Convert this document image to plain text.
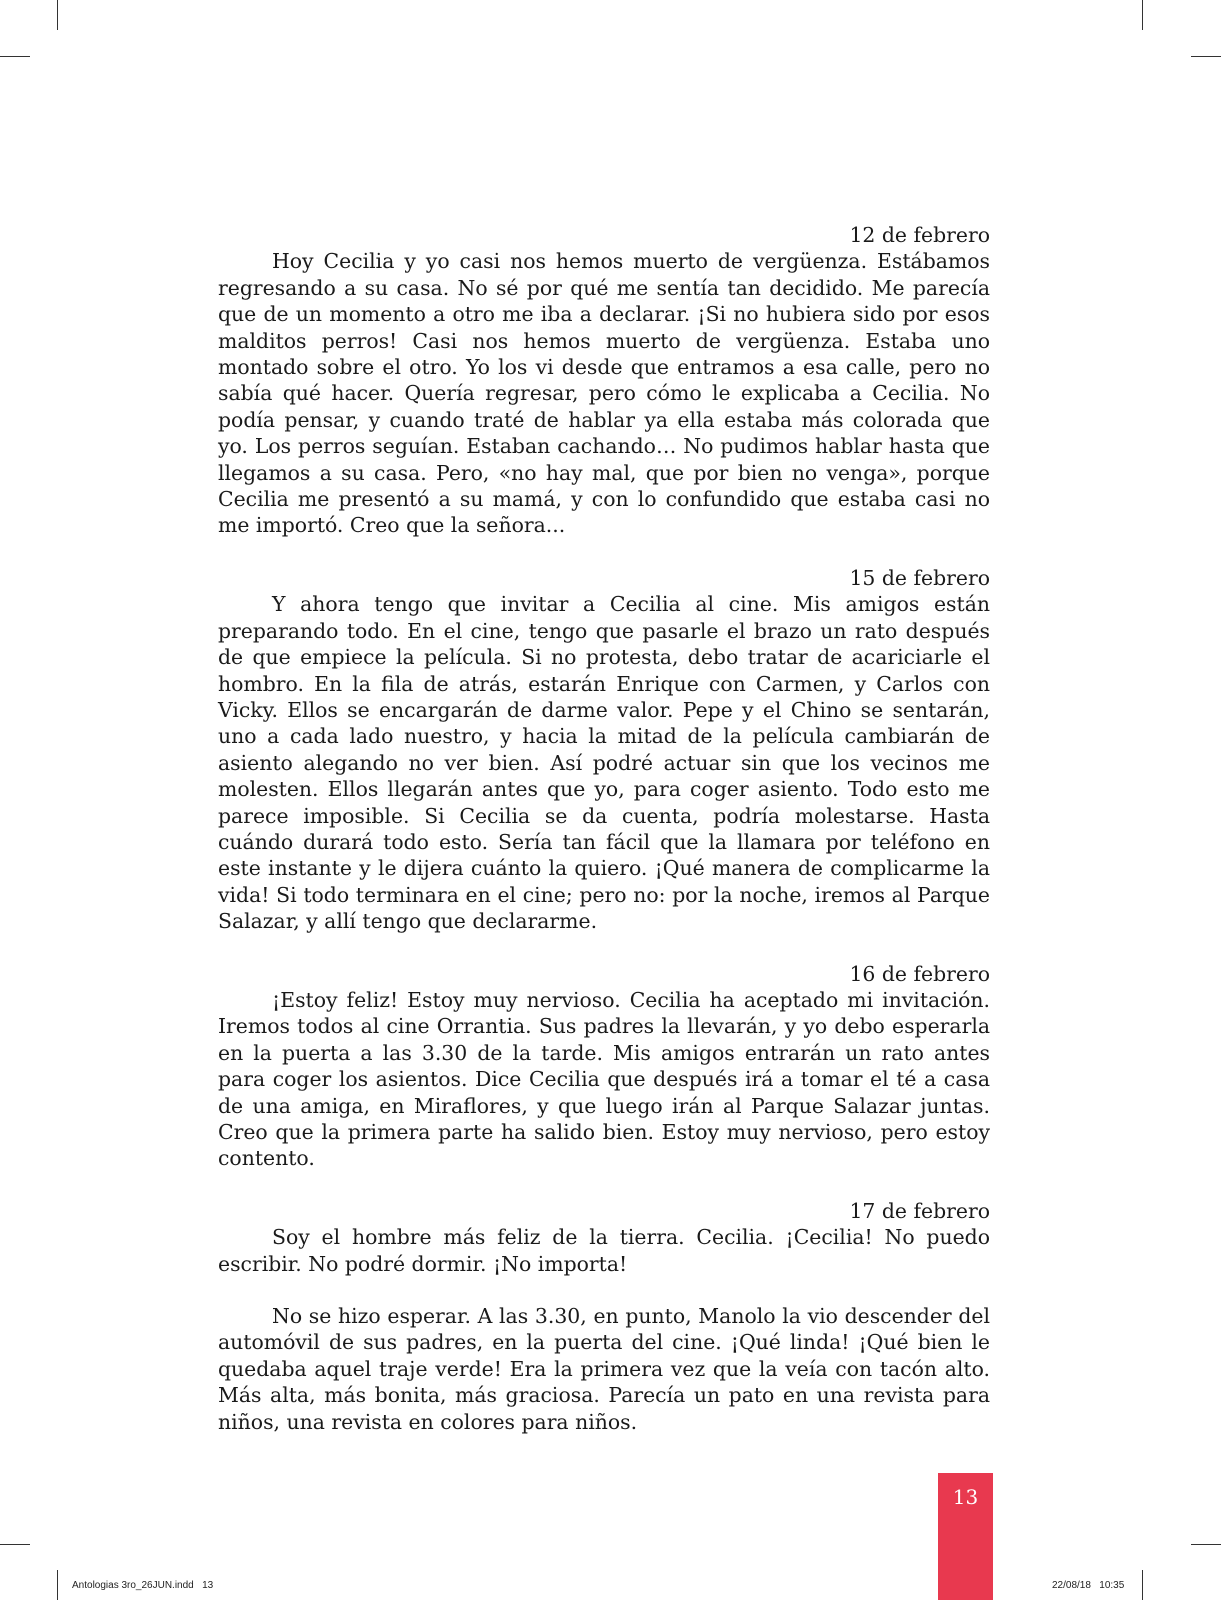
12 de febrero

Hoy Cecilia y yo casi nos hemos muerto de vergüenza. Estábamos regresando a su casa. No sé por qué me sentía tan decidido. Me parecía que de un momento a otro me iba a declarar. ¡Si no hubiera sido por esos malditos perros! Casi nos hemos muerto de vergüenza. Estaba uno montado sobre el otro. Yo los vi desde que entramos a esa calle, pero no sabía qué hacer. Quería regresar, pero cómo le explicaba a Cecilia. No podía pensar, y cuando traté de hablar ya ella estaba más colorada que yo. Los perros seguían. Estaban cachando… No pudimos hablar hasta que llegamos a su casa. Pero, «no hay mal, que por bien no venga», porque Cecilia me presentó a su mamá, y con lo confundido que estaba casi no me importó. Creo que la señora...

15 de febrero

Y ahora tengo que invitar a Cecilia al cine. Mis amigos están preparando todo. En el cine, tengo que pasarle el brazo un rato después de que empiece la película. Si no protesta, debo tratar de acariciarle el hombro. En la fila de atrás, estarán Enrique con Carmen, y Carlos con Vicky. Ellos se encargarán de darme valor. Pepe y el Chino se sentarán, uno a cada lado nuestro, y hacia la mitad de la película cambiarán de asiento alegando no ver bien. Así podré actuar sin que los vecinos me molesten. Ellos llegarán antes que yo, para coger asiento. Todo esto me parece imposible. Si Cecilia se da cuenta, podría molestarse. Hasta cuándo durará todo esto. Sería tan fácil que la llamara por teléfono en este instante y le dijera cuánto la quiero. ¡Qué manera de complicarme la vida! Si todo terminara en el cine; pero no: por la noche, iremos al Parque Salazar, y allí tengo que declararme.

16 de febrero

¡Estoy feliz! Estoy muy nervioso. Cecilia ha aceptado mi invitación. Iremos todos al cine Orrantia. Sus padres la llevarán, y yo debo esperarla en la puerta a las 3.30 de la tarde. Mis amigos entrarán un rato antes para coger los asientos. Dice Cecilia que después irá a tomar el té a casa de una amiga, en Miraflores, y que luego irán al Parque Salazar juntas. Creo que la primera parte ha salido bien. Estoy muy nervioso, pero estoy contento.

17 de febrero

Soy el hombre más feliz de la tierra. Cecilia. ¡Cecilia! No puedo escribir. No podré dormir. ¡No importa!

No se hizo esperar. A las 3.30, en punto, Manolo la vio descender del automóvil de sus padres, en la puerta del cine. ¡Qué linda! ¡Qué bien le quedaba aquel traje verde! Era la primera vez que la veía con tacón alto. Más alta, más bonita, más graciosa. Parecía un pato en una revista para niños, una revista en colores para niños.

13
Antologias 3ro_26JUN.indd   13	22/08/18   10:35
